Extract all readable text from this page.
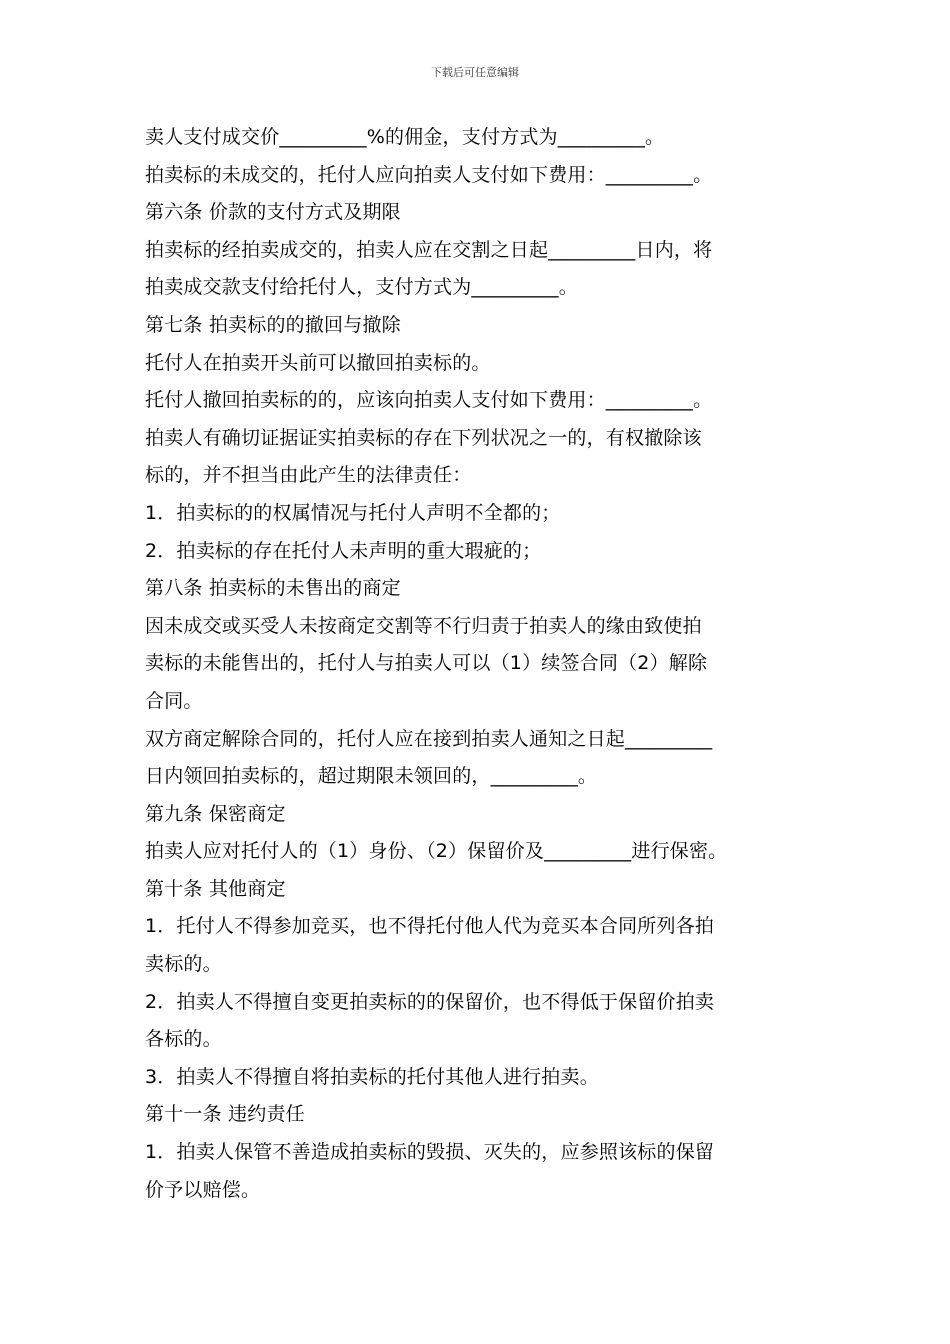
下载后可任意编辑
卖人支付成交价_________%的佣金，支付方式为_________。
拍卖标的未成交的，托付人应向拍卖人支付如下费用：_________。
第六条 价款的支付方式及期限
拍卖标的经拍卖成交的，拍卖人应在交割之日起_________日内，将
拍卖成交款支付给托付人，支付方式为_________。
第七条 拍卖标的的撤回与撤除
托付人在拍卖开头前可以撤回拍卖标的。
托付人撤回拍卖标的的，应该向拍卖人支付如下费用：_________。
拍卖人有确切证据证实拍卖标的存在下列状况之一的，有权撤除该
标的，并不担当由此产生的法律责任：
1．拍卖标的的权属情况与托付人声明不全都的；
2．拍卖标的存在托付人未声明的重大瑕疵的；
第八条 拍卖标的未售出的商定
因未成交或买受人未按商定交割等不行归责于拍卖人的缘由致使拍
卖标的未能售出的，托付人与拍卖人可以（1）续签合同（2）解除
合同。
双方商定解除合同的，托付人应在接到拍卖人通知之日起_________
日内领回拍卖标的，超过期限未领回的，_________。
第九条 保密商定
拍卖人应对托付人的（1）身份、（2）保留价及_________进行保密。
第十条 其他商定
1．托付人不得参加竞买，也不得托付他人代为竞买本合同所列各拍
卖标的。
2．拍卖人不得擅自变更拍卖标的的保留价，也不得低于保留价拍卖
各标的。
3．拍卖人不得擅自将拍卖标的托付其他人进行拍卖。
第十一条 违约责任
1．拍卖人保管不善造成拍卖标的毁损、灭失的，应参照该标的保留
价予以赔偿。
